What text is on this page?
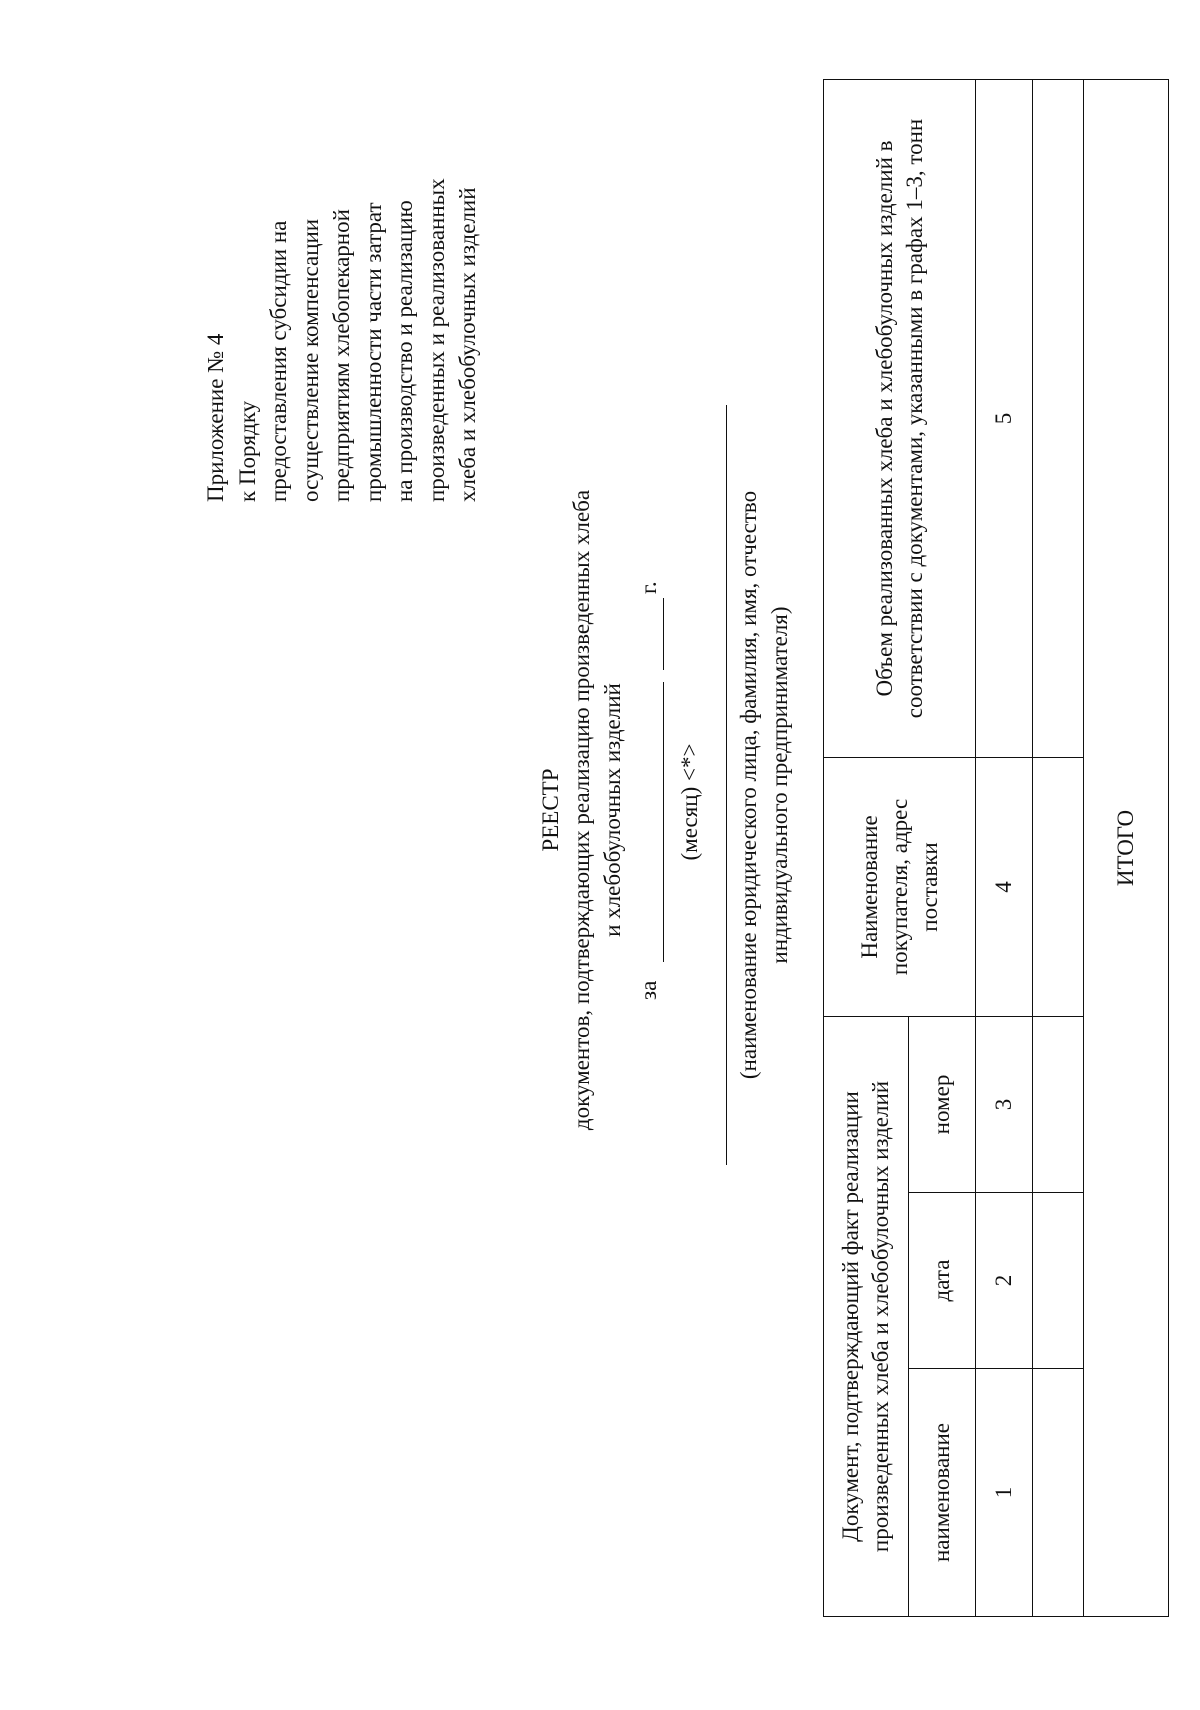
Приложение № 4 к Порядку предоставления субсидии на осуществление компенсации предприятиям хлебопекарной промышленности части затрат на производство и реализацию произведенных и реализованных хлеба и хлебобулочных изделий
РЕЕСТР документов, подтверждающих реализацию произведенных хлеба и хлебобулочных изделий
за
г.
(месяц) <*> (наименование юридического лица, фамилия, имя, отчество индивидуального предпринимателя)
Документ, подтверждающий факт реализации произведенных хлеба и хлебобулочных изделий			Наименование покупателя, адрес поставки	Объем реализованных хлеба и хлебобулочных изделий в соответствии с документами, указанными в графах 1–3, тонн
наименование	дата	номер		
1	2	3	4	5

ИТОГО				
